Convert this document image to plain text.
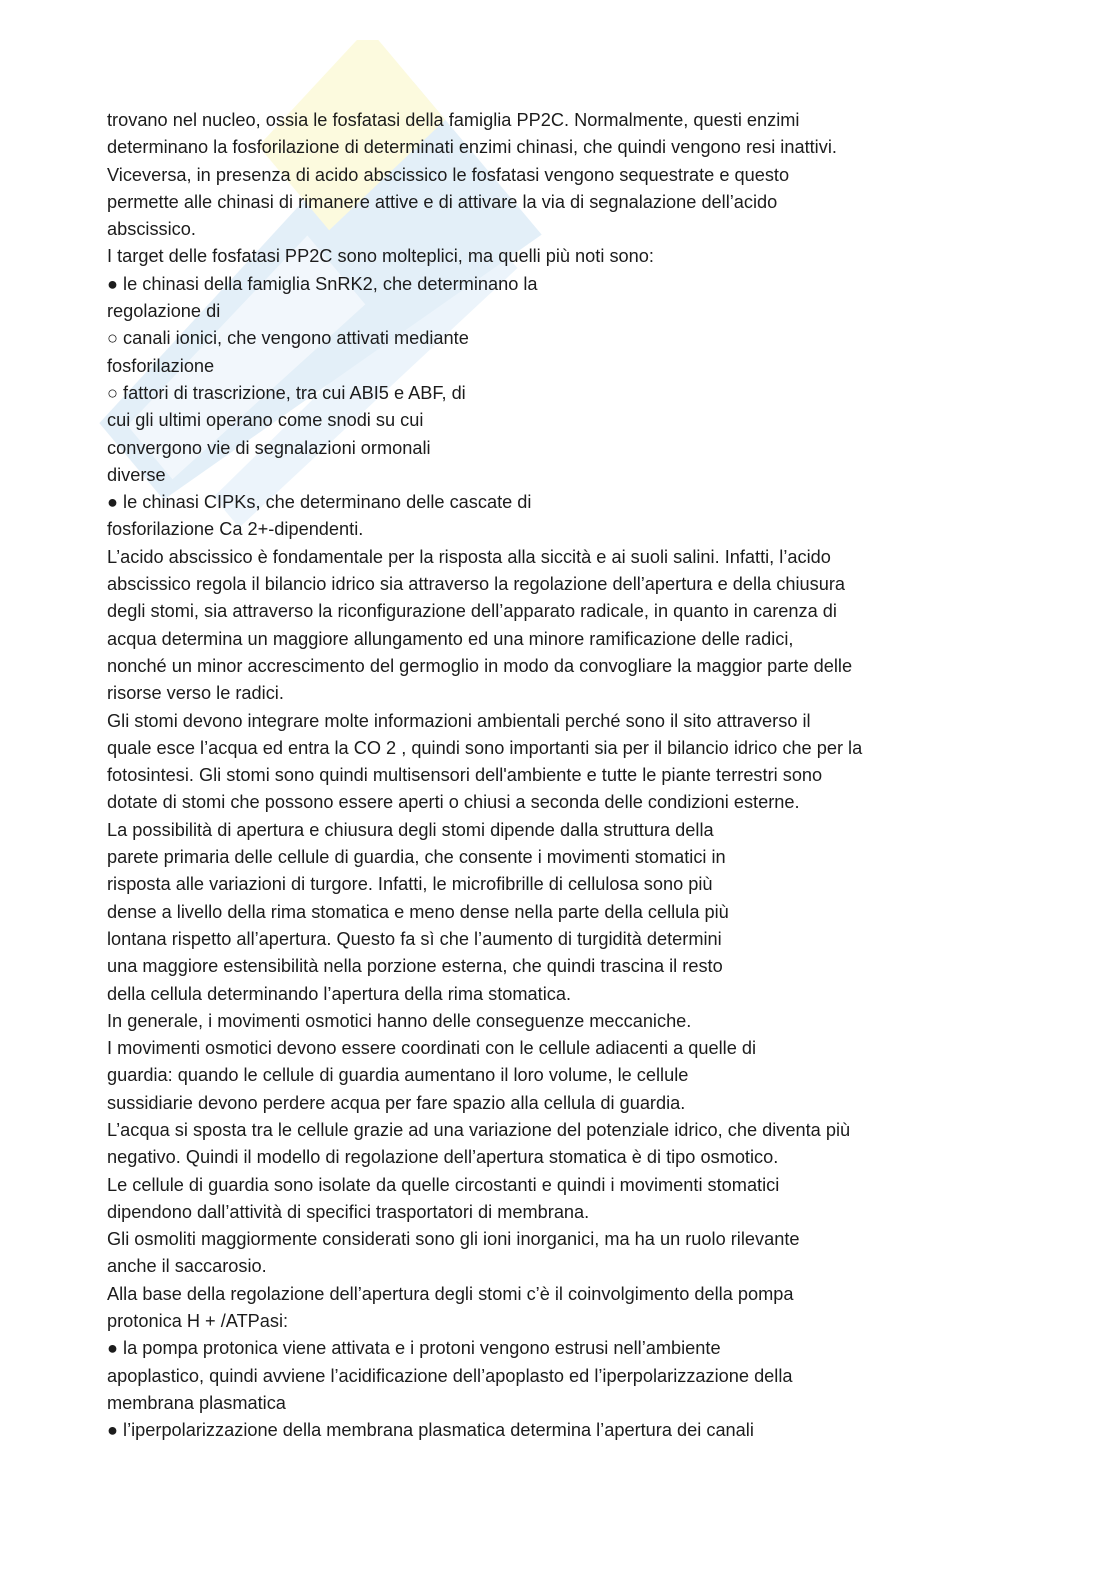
trovano nel nucleo, ossia le fosfatasi della famiglia PP2C. Normalmente, questi enzimi
determinano la fosforilazione di determinati enzimi chinasi, che quindi vengono resi inattivi.
Viceversa, in presenza di acido abscissico le fosfatasi vengono sequestrate e questo
permette alle chinasi di rimanere attive e di attivare la via di segnalazione dell’acido
abscissico.
I target delle fosfatasi PP2C sono molteplici, ma quelli più noti sono:
● le chinasi della famiglia SnRK2, che determinano la
regolazione di
○ canali ionici, che vengono attivati mediante
fosforilazione
○ fattori di trascrizione, tra cui ABI5 e ABF, di
cui gli ultimi operano come snodi su cui
convergono vie di segnalazioni ormonali
diverse
● le chinasi CIPKs, che determinano delle cascate di
fosforilazione Ca 2+-dipendenti.
L’acido abscissico è fondamentale per la risposta alla siccità e ai suoli salini. Infatti, l’acido
abscissico regola il bilancio idrico sia attraverso la regolazione dell’apertura e della chiusura
degli stomi, sia attraverso la riconfigurazione dell’apparato radicale, in quanto in carenza di
acqua determina un maggiore allungamento ed una minore ramificazione delle radici,
nonché un minor accrescimento del germoglio in modo da convogliare la maggior parte delle
risorse verso le radici.
Gli stomi devono integrare molte informazioni ambientali perché sono il sito attraverso il
quale esce l’acqua ed entra la CO 2 , quindi sono importanti sia per il bilancio idrico che per la
fotosintesi. Gli stomi sono quindi multisensori dell'ambiente e tutte le piante terrestri sono
dotate di stomi che possono essere aperti o chiusi a seconda delle condizioni esterne.
La possibilità di apertura e chiusura degli stomi dipende dalla struttura della
parete primaria delle cellule di guardia, che consente i movimenti stomatici in
risposta alle variazioni di turgore. Infatti, le microfibrille di cellulosa sono più
dense a livello della rima stomatica e meno dense nella parte della cellula più
lontana rispetto all’apertura. Questo fa sì che l’aumento di turgidità determini
una maggiore estensibilità nella porzione esterna, che quindi trascina il resto
della cellula determinando l’apertura della rima stomatica.
In generale, i movimenti osmotici hanno delle conseguenze meccaniche.
I movimenti osmotici devono essere coordinati con le cellule adiacenti a quelle di
guardia: quando le cellule di guardia aumentano il loro volume, le cellule
sussidiarie devono perdere acqua per fare spazio alla cellula di guardia.
L’acqua si sposta tra le cellule grazie ad una variazione del potenziale idrico, che diventa più
negativo. Quindi il modello di regolazione dell’apertura stomatica è di tipo osmotico.
Le cellule di guardia sono isolate da quelle circostanti e quindi i movimenti stomatici
dipendono dall’attività di specifici trasportatori di membrana.
Gli osmoliti maggiormente considerati sono gli ioni inorganici, ma ha un ruolo rilevante
anche il saccarosio.
Alla base della regolazione dell’apertura degli stomi c’è il coinvolgimento della pompa
protonica H + /ATPasi:
● la pompa protonica viene attivata e i protoni vengono estrusi nell’ambiente
apoplastico, quindi avviene l’acidificazione dell’apoplasto ed l’iperpolarizzazione della
membrana plasmatica
● l’iperpolarizzazione della membrana plasmatica determina l’apertura dei canali
